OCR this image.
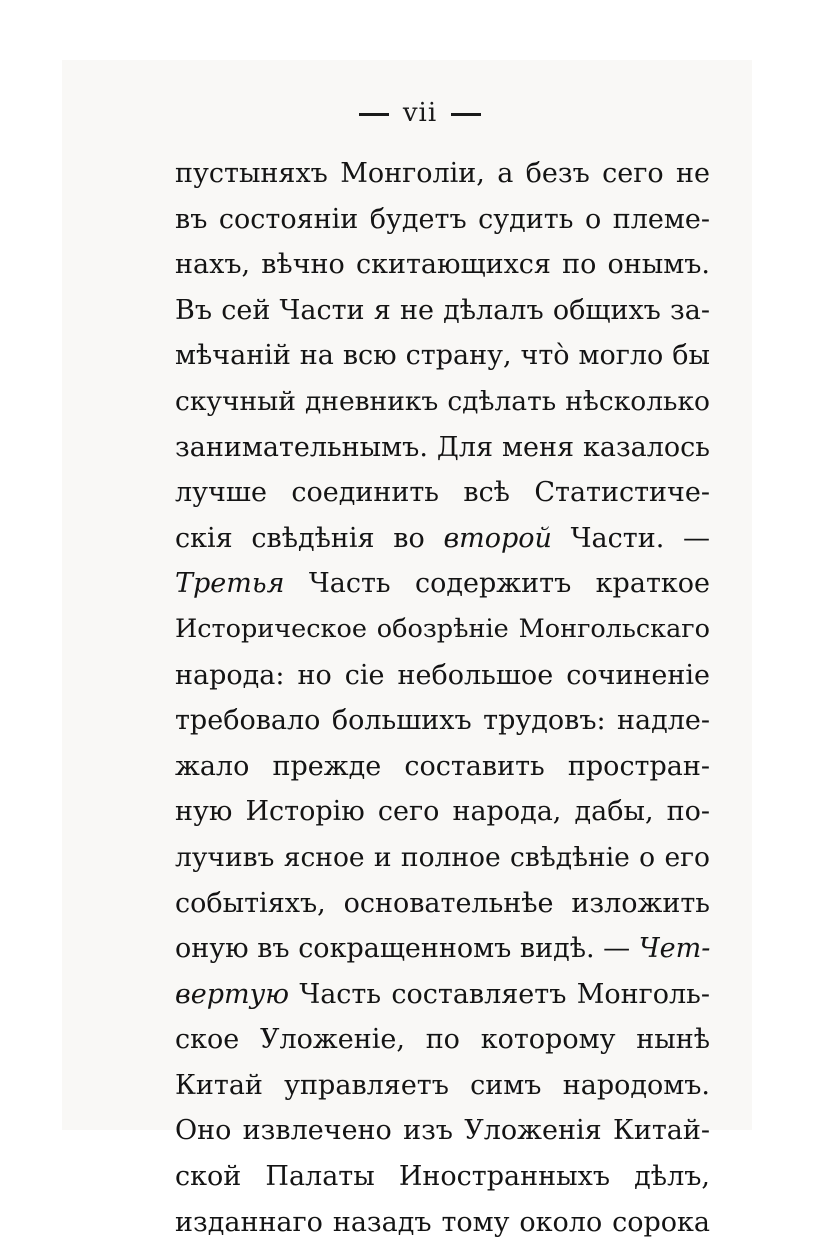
vii
пустыняхъ Монголіи, а безъ сего не
въ состояніи будетъ судить о племе-
нахъ, вѣчно скитающихся по онымъ.
Въ сей Части я не дѣлалъ общихъ за-
мѣчаній на всю страну, что̀ могло бы
скучный дневникъ сдѣлать нѣсколько
занимательнымъ. Для меня казалось
лучше соединить всѣ Статистиче-
скія свѣдѣнія во второй Части. —
Третья Часть содержитъ краткое
Историческое обозрѣніе Монгольскаго
народа: но сіе небольшое сочиненіе
требовало большихъ трудовъ: надле-
жало прежде составить простран-
ную Исторію сего народа, дабы, по-
лучивъ ясное и полное свѣдѣніе о его
событіяхъ, основательнѣе изложить
оную въ сокращенномъ видѣ. — Чет-
вертую Часть составляетъ Монголь-
ское Уложеніе, по которому нынѣ
Китай управляетъ симъ народомъ.
Оно извлечено изъ Уложенія Китай-
ской Палаты Иностранныхъ дѣлъ,
изданнаго назадъ тому около сорока
